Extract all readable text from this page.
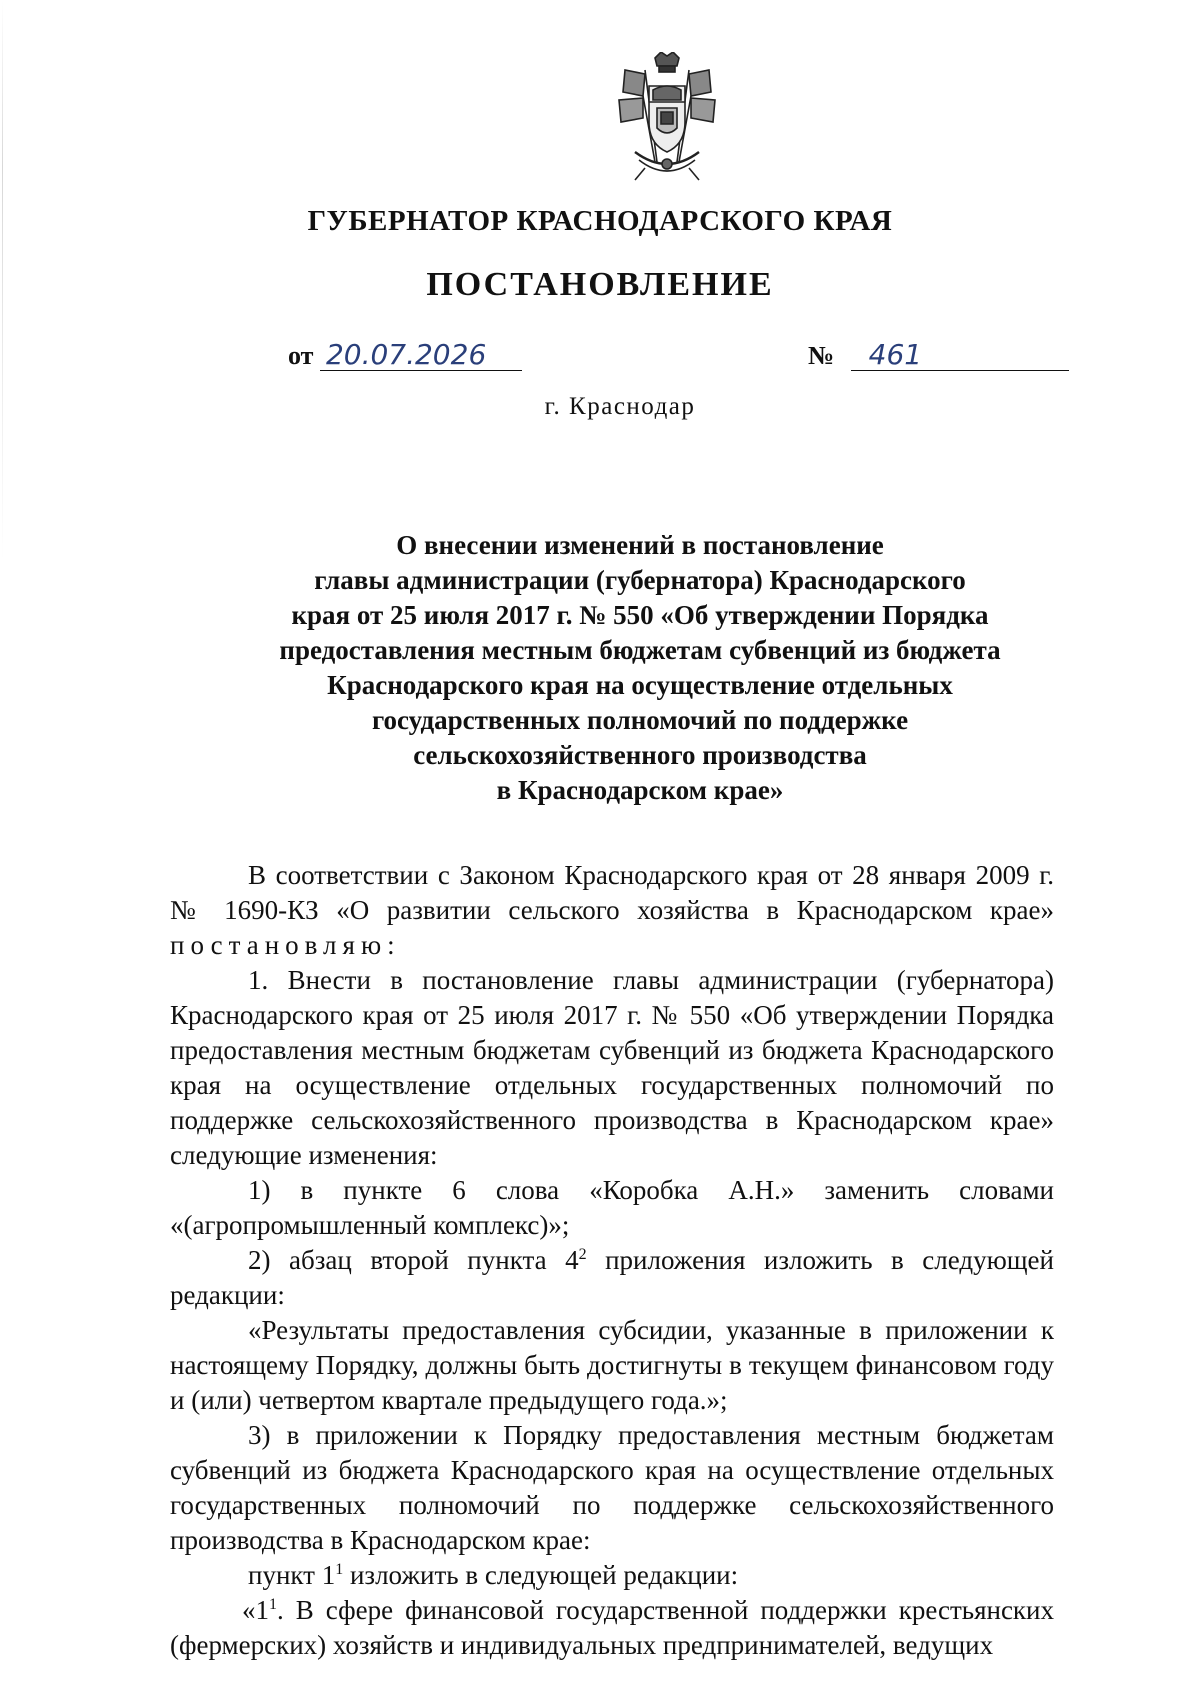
ГУБЕРНАТОР КРАСНОДАРСКОГО КРАЯ
ПОСТАНОВЛЕНИЕ
от 20.07.2026	№ 461
г. Краснодар
О внесении изменений в постановление
главы администрации (губернатора) Краснодарского
края от 25 июля 2017 г. № 550 «Об утверждении Порядка
предоставления местным бюджетам субвенций из бюджета
Краснодарского края на осуществление отдельных
государственных полномочий по поддержке
сельскохозяйственного производства
в Краснодарском крае»

В соответствии с Законом Краснодарского края от 28 января 2009 г. № 1690-КЗ «О развитии сельского хозяйства в Краснодарском крае» постановляю:

1. Внести в постановление главы администрации (губернатора) Краснодарского края от 25 июля 2017 г. № 550 «Об утверждении Порядка предоставления местным бюджетам субвенций из бюджета Краснодарского края на осуществление отдельных государственных полномочий по поддержке сельскохозяйственного производства в Краснодарском крае» следующие изменения:

1) в пункте 6 слова «Коробка А.Н.» заменить словами «(агропромышленный комплекс)»;

2) абзац второй пункта $4^2$ приложения изложить в следующей редакции:

«Результаты предоставления субсидии, указанные в приложении к настоящему Порядку, должны быть достигнуты в текущем финансовом году и (или) четвертом квартале предыдущего года.»;

3) в приложении к Порядку предоставления местным бюджетам субвенций из бюджета Краснодарского края на осуществление отдельных государственных полномочий по поддержке сельскохозяйственного производства в Краснодарском крае:

пункт $1^1$ изложить в следующей редакции:

«$1^1$. В сфере финансовой государственной поддержки крестьянских (фермерских) хозяйств и индивидуальных предпринимателей, ведущих
